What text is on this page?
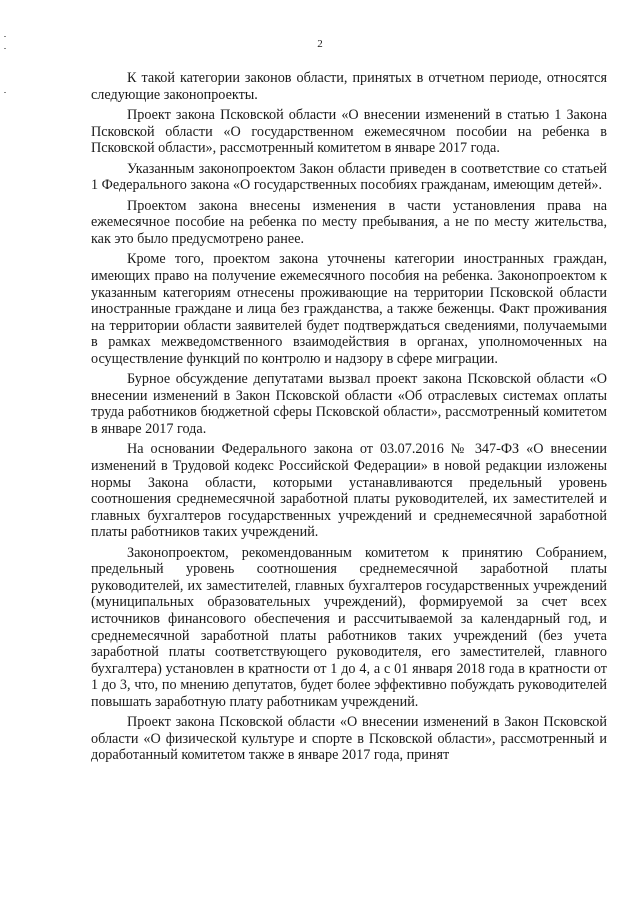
2

К такой категории законов области, принятых в отчетном периоде, относятся следующие законопроекты.

Проект закона Псковской области «О внесении изменений в статью 1 Закона Псковской области «О государственном ежемесячном пособии на ребенка в Псковской области», рассмотренный комитетом в январе 2017 года.

Указанным законопроектом Закон области приведен в соответствие со статьей 1 Федерального закона «О государственных пособиях гражданам, имеющим детей».

Проектом закона внесены изменения в части установления права на ежемесячное пособие на ребенка по месту пребывания, а не по месту жительства, как это было предусмотрено ранее.

Кроме того, проектом закона уточнены категории иностранных граждан, имеющих право на получение ежемесячного пособия на ребенка. Законопроектом к указанным категориям отнесены проживающие на территории Псковской области иностранные граждане и лица без гражданства, а также беженцы. Факт проживания на территории области заявителей будет подтверждаться сведениями, получаемыми в рамках межведомственного взаимодействия в органах, уполномоченных на осуществление функций по контролю и надзору в сфере миграции.

Бурное обсуждение депутатами вызвал проект закона Псковской области «О внесении изменений в Закон Псковской области «Об отраслевых системах оплаты труда работников бюджетной сферы Псковской области», рассмотренный комитетом в январе 2017 года.

На основании Федерального закона от 03.07.2016 № 347-ФЗ «О внесении изменений в Трудовой кодекс Российской Федерации» в новой редакции изложены нормы Закона области, которыми устанавливаются предельный уровень соотношения среднемесячной заработной платы руководителей, их заместителей и главных бухгалтеров государственных учреждений и среднемесячной заработной платы работников таких учреждений.

Законопроектом, рекомендованным комитетом к принятию Собранием, предельный уровень соотношения среднемесячной заработной платы руководителей, их заместителей, главных бухгалтеров государственных учреждений (муниципальных образовательных учреждений), формируемой за счет всех источников финансового обеспечения и рассчитываемой за календарный год, и среднемесячной заработной платы работников таких учреждений (без учета заработной платы соответствующего руководителя, его заместителей, главного бухгалтера) установлен в кратности от 1 до 4, а с 01 января 2018 года в кратности от 1 до 3, что, по мнению депутатов, будет более эффективно побуждать руководителей повышать заработную плату работникам учреждений.

Проект закона Псковской области «О внесении изменений в Закон Псковской области «О физической культуре и спорте в Псковской области», рассмотренный и доработанный комитетом также в январе 2017 года, принят
